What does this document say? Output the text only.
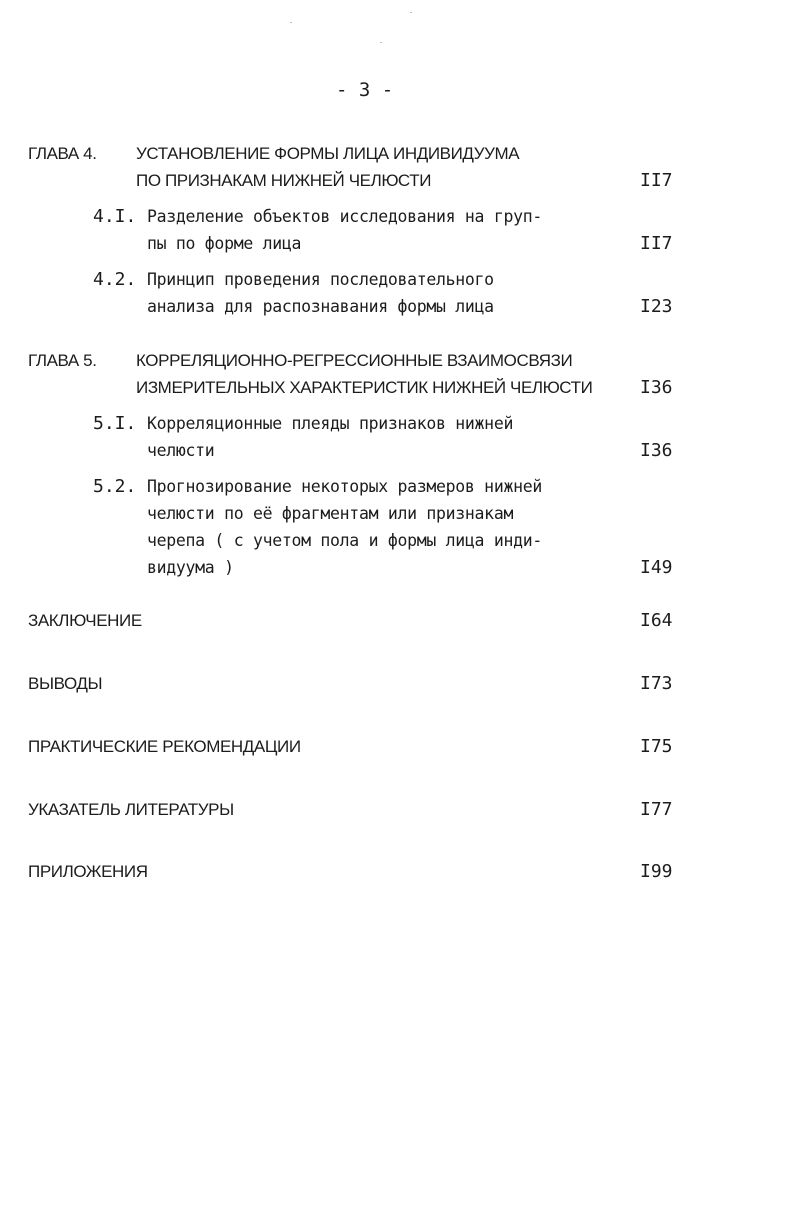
- 3 -
ГЛАВА 4. УСТАНОВЛЕНИЕ ФОРМЫ ЛИЦА ИНДИВИДУУМА
ПО ПРИЗНАКАМ НИЖНЕЙ ЧЕЛЮСТИ	II7
4.I. Разделение объектов исследования на груп-
пы по форме лица	II7
4.2. Принцип проведения последовательного
анализа для распознавания формы лица	I23
ГЛАВА 5. КОРРЕЛЯЦИОННО-РЕГРЕССИОННЫЕ ВЗАИМОСВЯЗИ
ИЗМЕРИТЕЛЬНЫХ ХАРАКТЕРИСТИК НИЖНЕЙ ЧЕЛЮСТИ	I36
5.I. Корреляционные плеяды признаков нижней
челюсти	I36
5.2. Прогнозирование некоторых размеров нижней
челюсти по её фрагментам или признакам
черепа ( с учетом пола и формы лица инди-
видуума )	I49
ЗАКЛЮЧЕНИЕ	I64
ВЫВОДЫ	I73
ПРАКТИЧЕСКИЕ РЕКОМЕНДАЦИИ	I75
УКАЗАТЕЛЬ ЛИТЕРАТУРЫ	I77
ПРИЛОЖЕНИЯ	I99
